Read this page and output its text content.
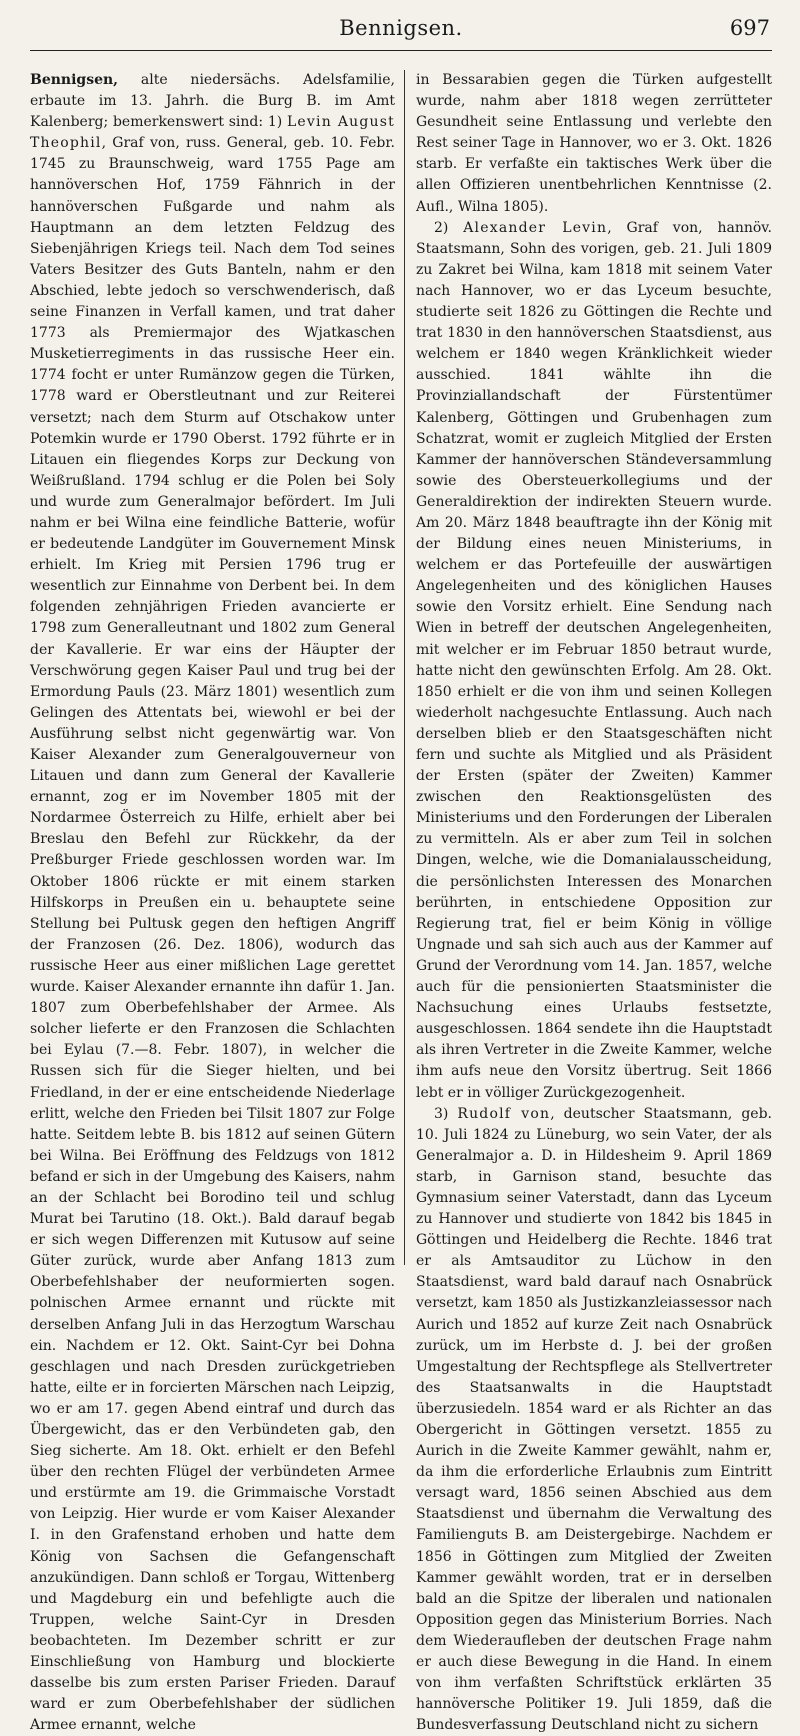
Bennigsen.	697

Bennigsen, alte niedersächs. Adelsfamilie, erbaute im 13. Jahrh. die Burg B. im Amt Kalenberg; bemerkenswert sind: 1) Levin August Theophil, Graf von, russ. General, geb. 10. Febr. 1745 zu Braunschweig, ward 1755 Page am hannöverschen Hof, 1759 Fähnrich in der hannöverschen Fußgarde und nahm als Hauptmann an dem letzten Feldzug des Siebenjährigen Kriegs teil. Nach dem Tod seines Vaters Besitzer des Guts Banteln, nahm er den Abschied, lebte jedoch so verschwenderisch, daß seine Finanzen in Verfall kamen, und trat daher 1773 als Premiermajor des Wjatkaschen Musketierregiments in das russische Heer ein. 1774 focht er unter Rumänzow gegen die Türken, 1778 ward er Oberstleutnant und zur Reiterei versetzt; nach dem Sturm auf Otschakow unter Potemkin wurde er 1790 Oberst. 1792 führte er in Litauen ein fliegendes Korps zur Deckung von Weißrußland. 1794 schlug er die Polen bei Soly und wurde zum Generalmajor befördert. Im Juli nahm er bei Wilna eine feindliche Batterie, wofür er bedeutende Landgüter im Gouvernement Minsk erhielt. Im Krieg mit Persien 1796 trug er wesentlich zur Einnahme von Derbent bei. In dem folgenden zehnjährigen Frieden avancierte er 1798 zum Generalleutnant und 1802 zum General der Kavallerie. Er war eins der Häupter der Verschwörung gegen Kaiser Paul und trug bei der Ermordung Pauls (23. März 1801) wesentlich zum Gelingen des Attentats bei, wiewohl er bei der Ausführung selbst nicht gegenwärtig war. Von Kaiser Alexander zum Generalgouverneur von Litauen und dann zum General der Kavallerie ernannt, zog er im November 1805 mit der Nordarmee Österreich zu Hilfe, erhielt aber bei Breslau den Befehl zur Rückkehr, da der Preßburger Friede geschlossen worden war. Im Oktober 1806 rückte er mit einem starken Hilfskorps in Preußen ein u. behauptete seine Stellung bei Pultusk gegen den heftigen Angriff der Franzosen (26. Dez. 1806), wodurch das russische Heer aus einer mißlichen Lage gerettet wurde. Kaiser Alexander ernannte ihn dafür 1. Jan. 1807 zum Oberbefehlshaber der Armee. Als solcher lieferte er den Franzosen die Schlachten bei Eylau (7.—8. Febr. 1807), in welcher die Russen sich für die Sieger hielten, und bei Friedland, in der er eine entscheidende Niederlage erlitt, welche den Frieden bei Tilsit 1807 zur Folge hatte. Seitdem lebte B. bis 1812 auf seinen Gütern bei Wilna. Bei Eröffnung des Feldzugs von 1812 befand er sich in der Umgebung des Kaisers, nahm an der Schlacht bei Borodino teil und schlug Murat bei Tarutino (18. Okt.). Bald darauf begab er sich wegen Differenzen mit Kutusow auf seine Güter zurück, wurde aber Anfang 1813 zum Oberbefehlshaber der neuformierten sogen. polnischen Armee ernannt und rückte mit derselben Anfang Juli in das Herzogtum Warschau ein. Nachdem er 12. Okt. Saint-Cyr bei Dohna geschlagen und nach Dresden zurückgetrieben hatte, eilte er in forcierten Märschen nach Leipzig, wo er am 17. gegen Abend eintraf und durch das Übergewicht, das er den Verbündeten gab, den Sieg sicherte. Am 18. Okt. erhielt er den Befehl über den rechten Flügel der verbündeten Armee und erstürmte am 19. die Grimmaische Vorstadt von Leipzig. Hier wurde er vom Kaiser Alexander I. in den Grafenstand erhoben und hatte dem König von Sachsen die Gefangenschaft anzukündigen. Dann schloß er Torgau, Wittenberg und Magdeburg ein und befehligte auch die Truppen, welche Saint-Cyr in Dresden beobachteten. Im Dezember schritt er zur Einschließung von Hamburg und blockierte dasselbe bis zum ersten Pariser Frieden. Darauf ward er zum Oberbefehlshaber der südlichen Armee ernannt, welche

in Bessarabien gegen die Türken aufgestellt wurde, nahm aber 1818 wegen zerrütteter Gesundheit seine Entlassung und verlebte den Rest seiner Tage in Hannover, wo er 3. Okt. 1826 starb. Er verfaßte ein taktisches Werk über die allen Offizieren unentbehrlichen Kenntnisse (2. Aufl., Wilna 1805).

2) Alexander Levin, Graf von, hannöv. Staatsmann, Sohn des vorigen, geb. 21. Juli 1809 zu Zakret bei Wilna, kam 1818 mit seinem Vater nach Hannover, wo er das Lyceum besuchte, studierte seit 1826 zu Göttingen die Rechte und trat 1830 in den hannöverschen Staatsdienst, aus welchem er 1840 wegen Kränklichkeit wieder ausschied. 1841 wählte ihn die Provinziallandschaft der Fürstentümer Kalenberg, Göttingen und Grubenhagen zum Schatzrat, womit er zugleich Mitglied der Ersten Kammer der hannöverschen Ständeversammlung sowie des Obersteuerkollegiums und der Generaldirektion der indirekten Steuern wurde. Am 20. März 1848 beauftragte ihn der König mit der Bildung eines neuen Ministeriums, in welchem er das Portefeuille der auswärtigen Angelegenheiten und des königlichen Hauses sowie den Vorsitz erhielt. Eine Sendung nach Wien in betreff der deutschen Angelegenheiten, mit welcher er im Februar 1850 betraut wurde, hatte nicht den gewünschten Erfolg. Am 28. Okt. 1850 erhielt er die von ihm und seinen Kollegen wiederholt nachgesuchte Entlassung. Auch nach derselben blieb er den Staatsgeschäften nicht fern und suchte als Mitglied und als Präsident der Ersten (später der Zweiten) Kammer zwischen den Reaktionsgelüsten des Ministeriums und den Forderungen der Liberalen zu vermitteln. Als er aber zum Teil in solchen Dingen, welche, wie die Domanialausscheidung, die persönlichsten Interessen des Monarchen berührten, in entschiedene Opposition zur Regierung trat, fiel er beim König in völlige Ungnade und sah sich auch aus der Kammer auf Grund der Verordnung vom 14. Jan. 1857, welche auch für die pensionierten Staatsminister die Nachsuchung eines Urlaubs festsetzte, ausgeschlossen. 1864 sendete ihn die Hauptstadt als ihren Vertreter in die Zweite Kammer, welche ihm aufs neue den Vorsitz übertrug. Seit 1866 lebt er in völliger Zurückgezogenheit.

3) Rudolf von, deutscher Staatsmann, geb. 10. Juli 1824 zu Lüneburg, wo sein Vater, der als Generalmajor a. D. in Hildesheim 9. April 1869 starb, in Garnison stand, besuchte das Gymnasium seiner Vaterstadt, dann das Lyceum zu Hannover und studierte von 1842 bis 1845 in Göttingen und Heidelberg die Rechte. 1846 trat er als Amtsauditor zu Lüchow in den Staatsdienst, ward bald darauf nach Osnabrück versetzt, kam 1850 als Justizkanzleiassessor nach Aurich und 1852 auf kurze Zeit nach Osnabrück zurück, um im Herbste d. J. bei der großen Umgestaltung der Rechtspflege als Stellvertreter des Staatsanwalts in die Hauptstadt überzusiedeln. 1854 ward er als Richter an das Obergericht in Göttingen versetzt. 1855 zu Aurich in die Zweite Kammer gewählt, nahm er, da ihm die erforderliche Erlaubnis zum Eintritt versagt ward, 1856 seinen Abschied aus dem Staatsdienst und übernahm die Verwaltung des Familienguts B. am Deistergebirge. Nachdem er 1856 in Göttingen zum Mitglied der Zweiten Kammer gewählt worden, trat er in derselben bald an die Spitze der liberalen und nationalen Opposition gegen das Ministerium Borries. Nach dem Wiederaufleben der deutschen Frage nahm er auch diese Bewegung in die Hand. In einem von ihm verfaßten Schriftstück erklärten 35 hannöversche Politiker 19. Juli 1859, daß die Bundesverfassung Deutschland nicht zu sichern
